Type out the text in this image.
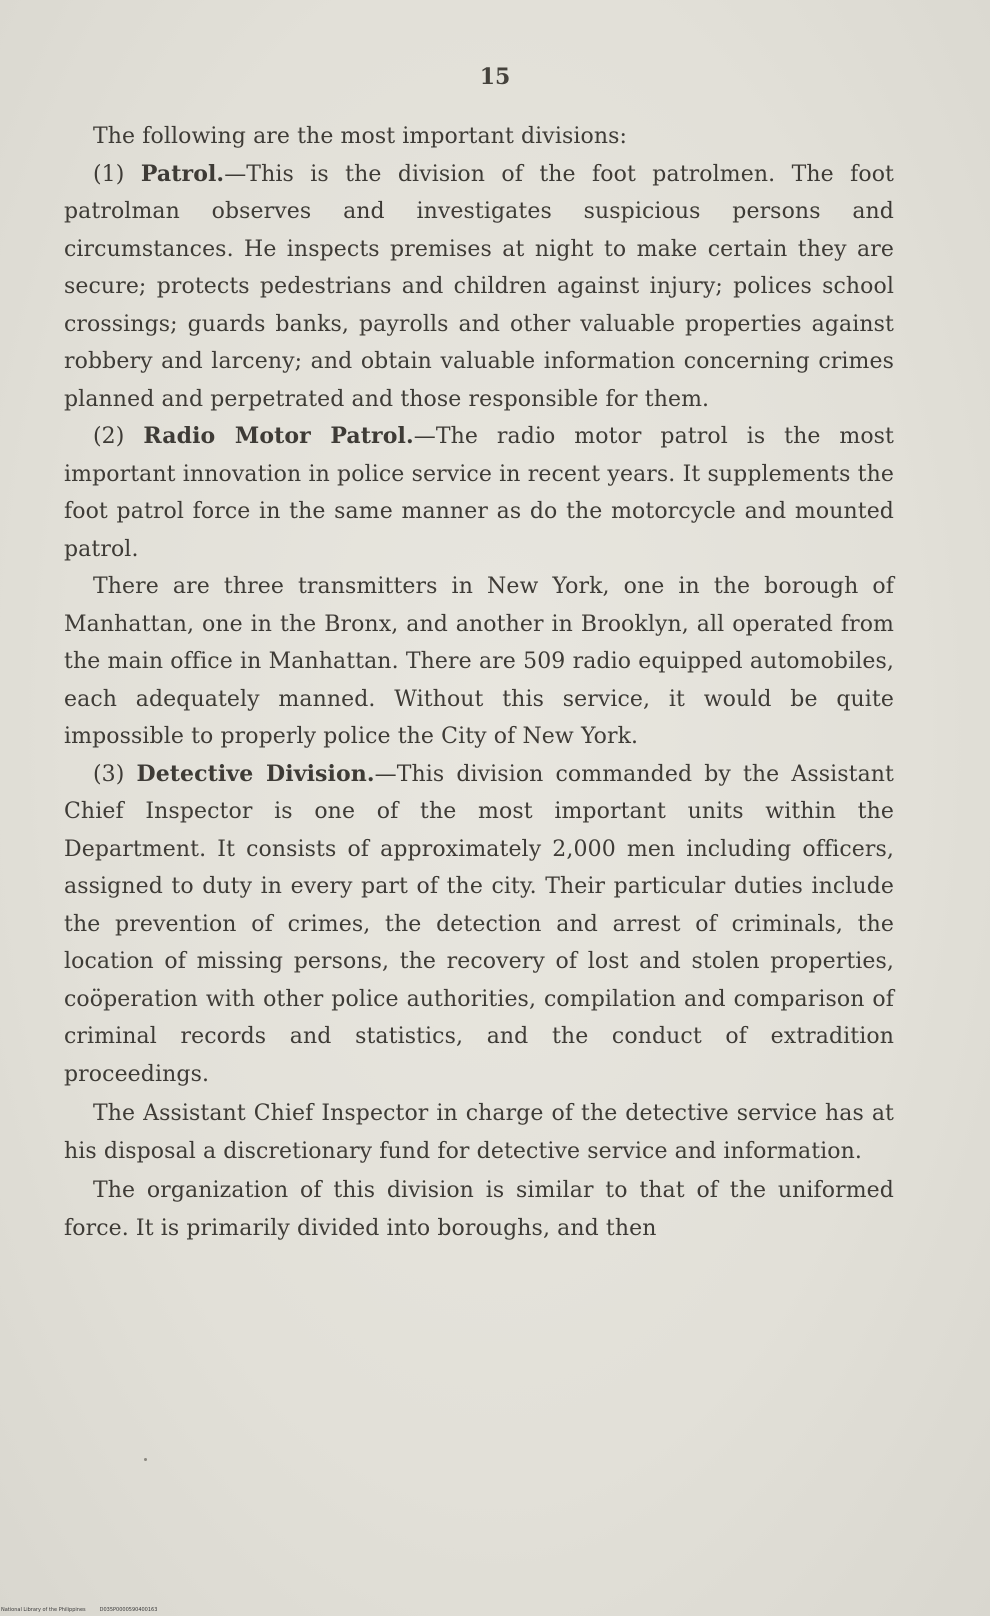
15

The following are the most important divisions:

(1) Patrol.—This is the division of the foot patrolmen. The foot patrolman observes and investigates suspicious persons and circumstances. He inspects premises at night to make certain they are secure; protects pedestrians and children against injury; polices school crossings; guards banks, payrolls and other valuable properties against robbery and larceny; and obtain valuable information concerning crimes planned and perpetrated and those responsible for them.

(2) Radio Motor Patrol.—The radio motor patrol is the most important innovation in police service in recent years. It supplements the foot patrol force in the same manner as do the motorcycle and mounted patrol.

There are three transmitters in New York, one in the borough of Manhattan, one in the Bronx, and another in Brooklyn, all operated from the main office in Manhattan. There are 509 radio equipped automobiles, each adequately manned. Without this service, it would be quite impossible to properly police the City of New York.

(3) Detective Division.—This division commanded by the Assistant Chief Inspector is one of the most important units within the Department. It consists of approximately 2,000 men including officers, assigned to duty in every part of the city. Their particular duties include the prevention of crimes, the detection and arrest of criminals, the location of missing persons, the recovery of lost and stolen properties, coöperation with other police authorities, compilation and comparison of criminal records and statistics, and the conduct of extradition proceedings.

The Assistant Chief Inspector in charge of the detective service has at his disposal a discretionary fund for detective service and information.

The organization of this division is similar to that of the uniformed force. It is primarily divided into boroughs, and then

National Library of the Philippines	D035P0000590400163
